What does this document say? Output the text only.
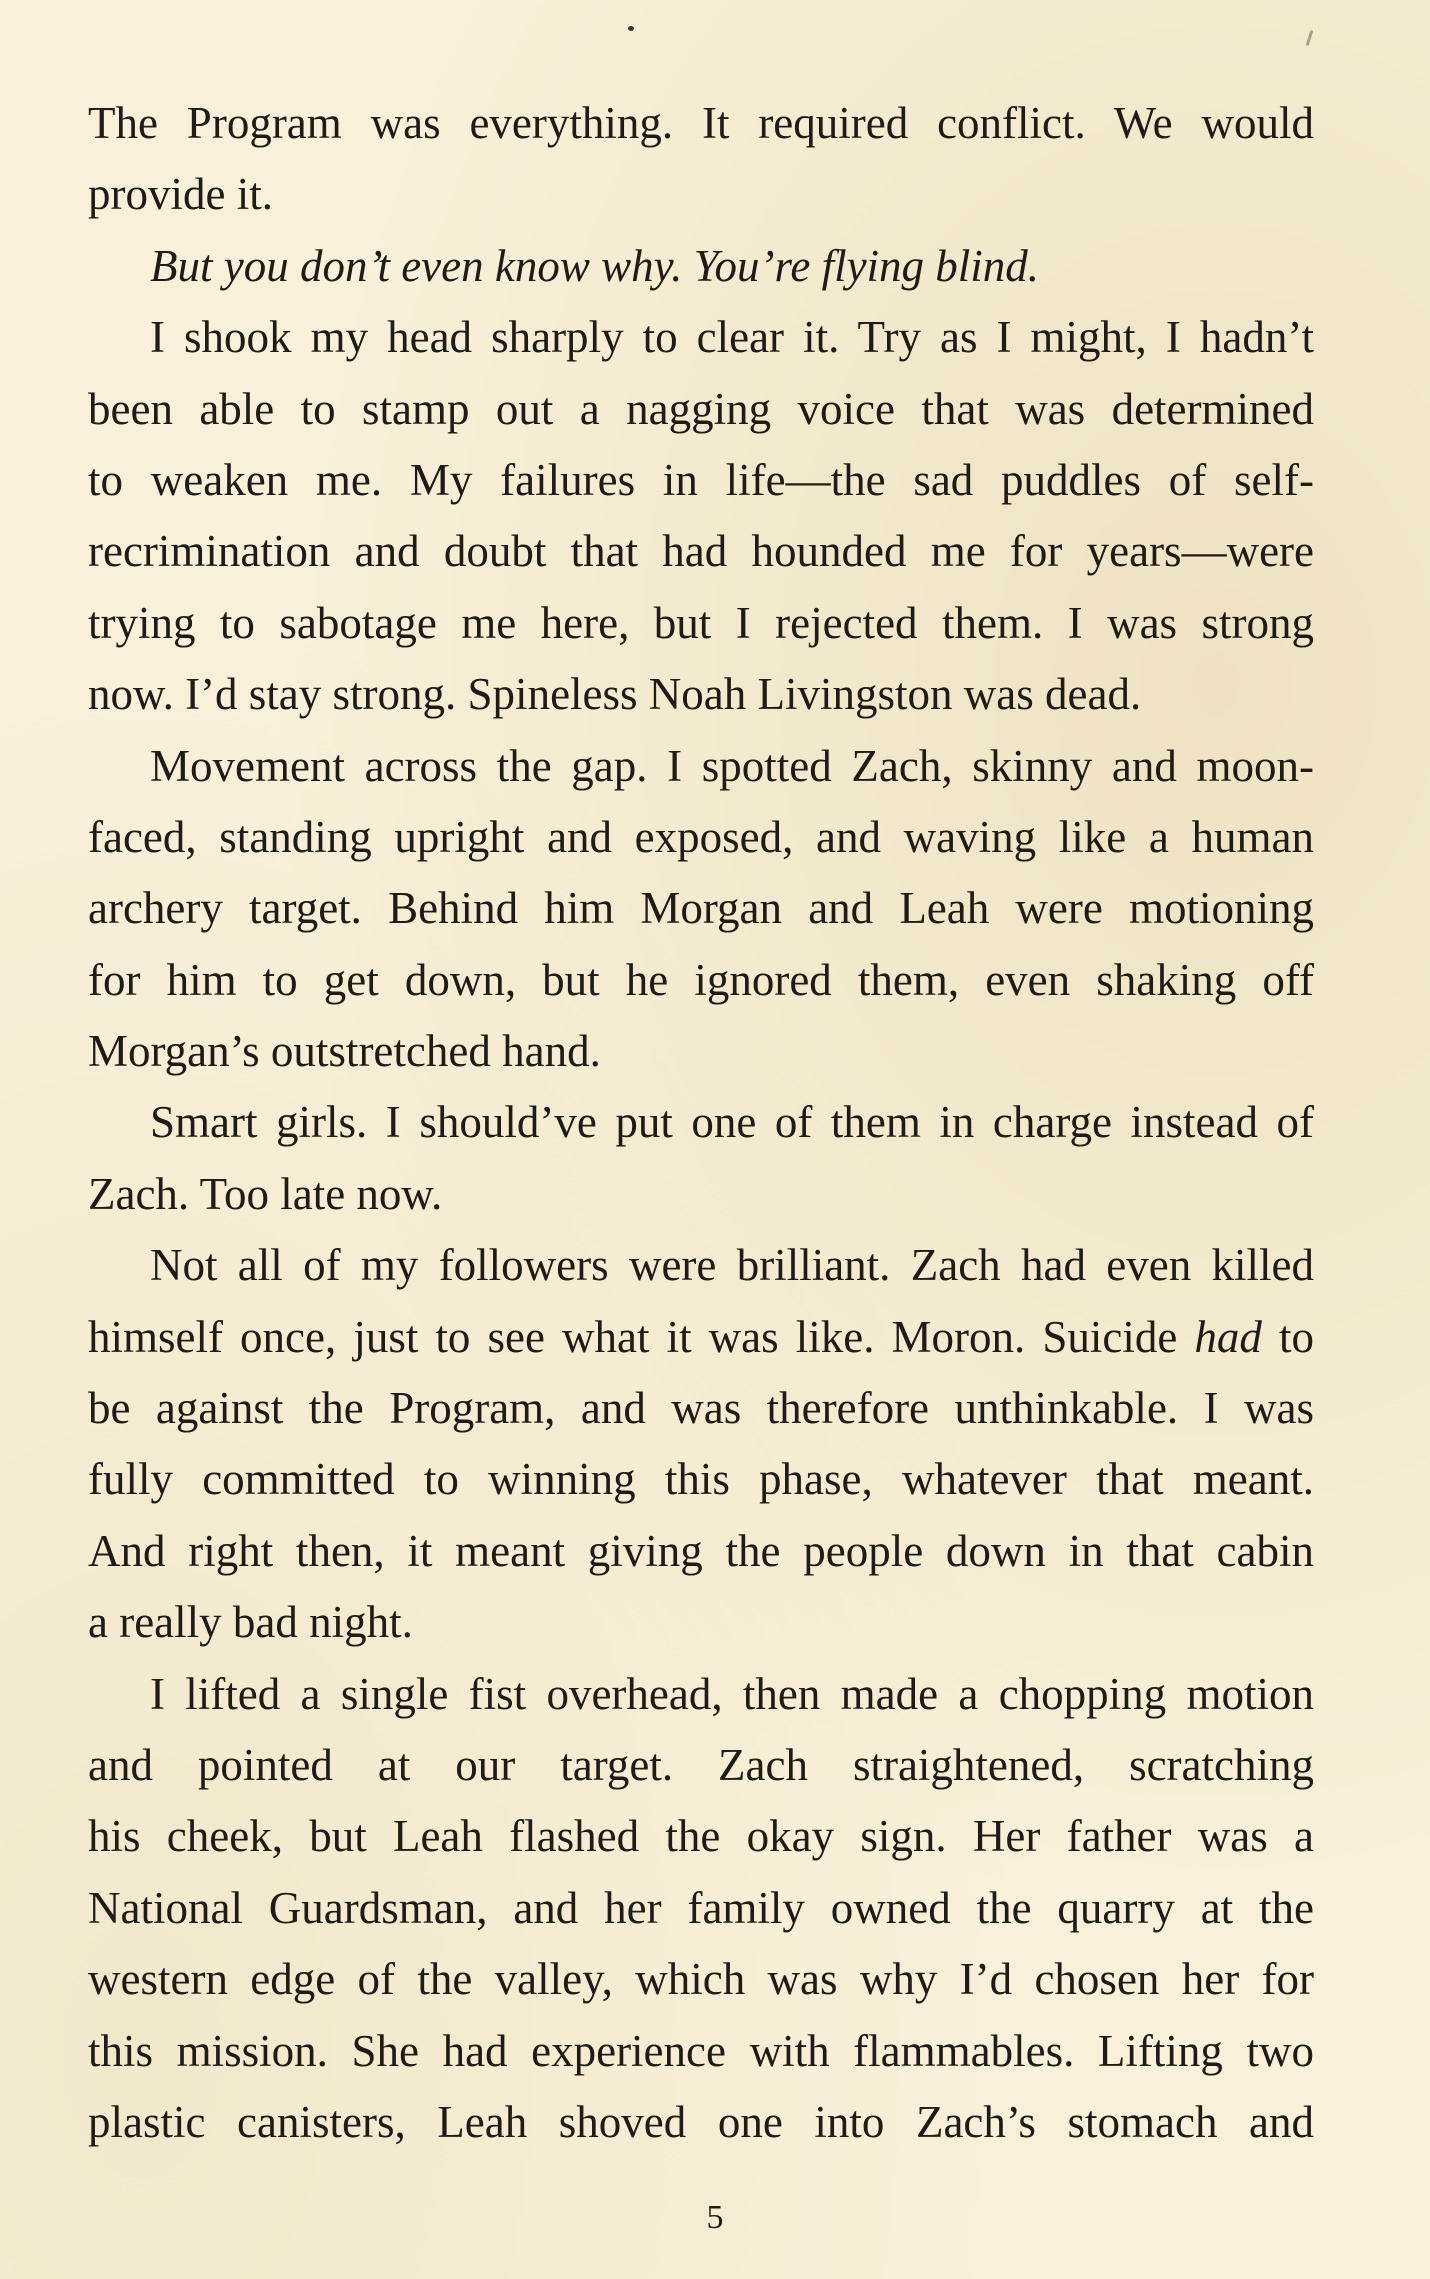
The Program was everything. It required conflict. We would
provide it.
But you don’t even know why. You’re flying blind.
I shook my head sharply to clear it. Try as I might, I hadn’t
been able to stamp out a nagging voice that was determined
to weaken me. My failures in life—the sad puddles of self-
recrimination and doubt that had hounded me for years—were
trying to sabotage me here, but I rejected them. I was strong
now. I’d stay strong. Spineless Noah Livingston was dead.
Movement across the gap. I spotted Zach, skinny and moon-
faced, standing upright and exposed, and waving like a human
archery target. Behind him Morgan and Leah were motioning
for him to get down, but he ignored them, even shaking off
Morgan’s outstretched hand.
Smart girls. I should’ve put one of them in charge instead of
Zach. Too late now.
Not all of my followers were brilliant. Zach had even killed
himself once, just to see what it was like. Moron. Suicide had to
be against the Program, and was therefore unthinkable. I was
fully committed to winning this phase, whatever that meant.
And right then, it meant giving the people down in that cabin
a really bad night.
I lifted a single fist overhead, then made a chopping motion
and pointed at our target. Zach straightened, scratching
his cheek, but Leah flashed the okay sign. Her father was a
National Guardsman, and her family owned the quarry at the
western edge of the valley, which was why I’d chosen her for
this mission. She had experience with flammables. Lifting two
plastic canisters, Leah shoved one into Zach’s stomach and
5
